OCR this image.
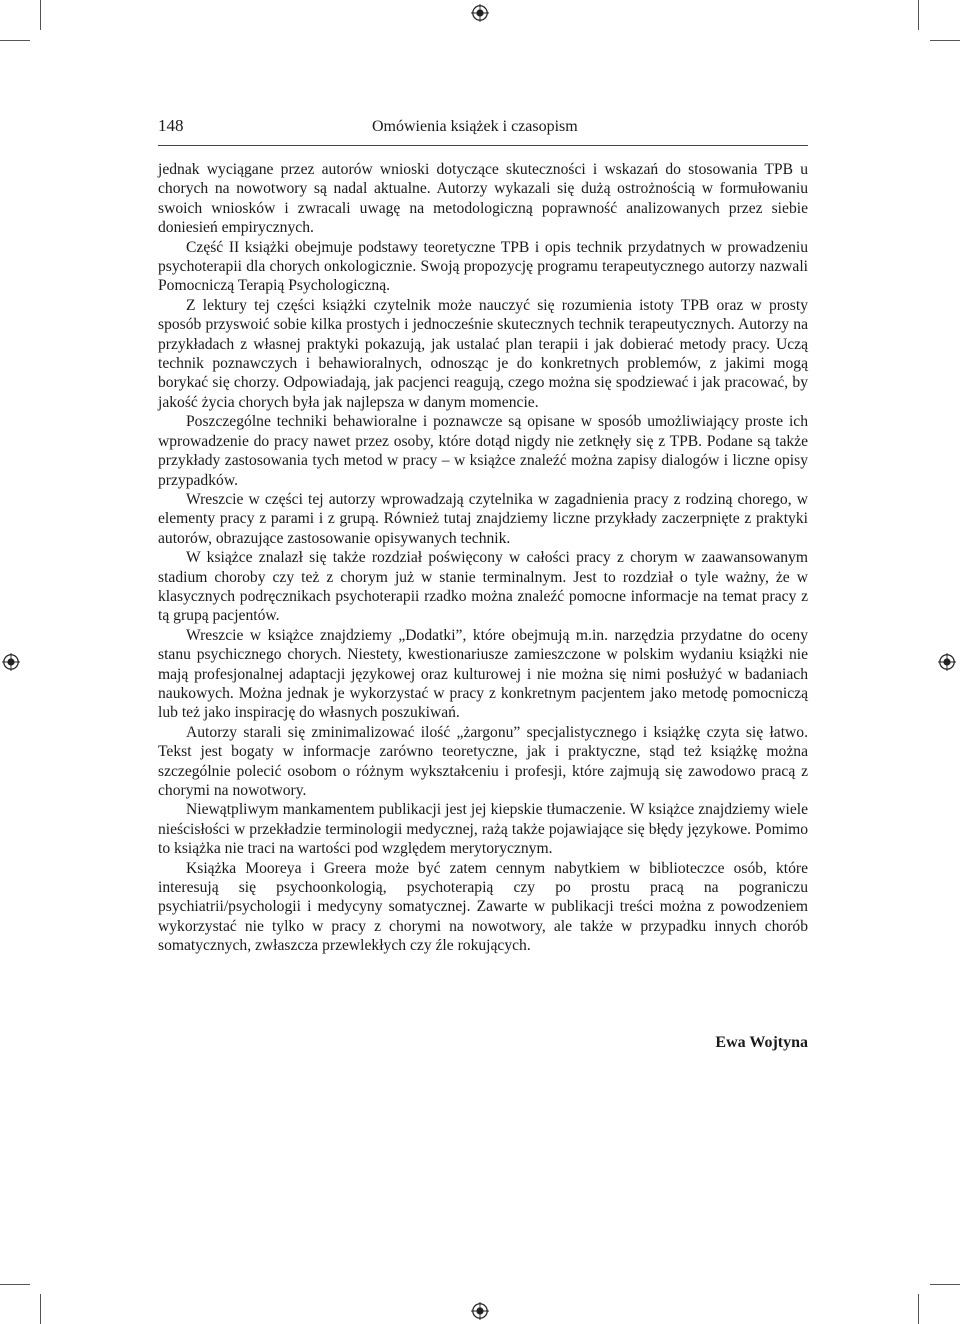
148	Omówienia książek i czasopism

jednak wyciągane przez autorów wnioski dotyczące skuteczności i wskazań do stosowania TPB u chorych na nowotwory są nadal aktualne. Autorzy wykazali się dużą ostrożnością w formułowaniu swoich wniosków i zwracali uwagę na metodologiczną poprawność analizowanych przez siebie doniesień empirycznych.

Część II książki obejmuje podstawy teoretyczne TPB i opis technik przydatnych w prowadzeniu psychoterapii dla chorych onkologicznie. Swoją propozycję programu terapeutycznego autorzy nazwali Pomocniczą Terapią Psychologiczną.

Z lektury tej części książki czytelnik może nauczyć się rozumienia istoty TPB oraz w prosty sposób przyswoić sobie kilka prostych i jednocześnie skutecznych technik terapeutycznych. Autorzy na przykładach z własnej praktyki pokazują, jak ustalać plan terapii i jak dobierać metody pracy. Uczą technik poznawczych i behawioralnych, odnosząc je do konkretnych problemów, z jakimi mogą borykać się chorzy. Odpowiadają, jak pacjenci reagują, czego można się spodziewać i jak pracować, by jakość życia chorych była jak najlepsza w danym momencie.

Poszczególne techniki behawioralne i poznawcze są opisane w sposób umożliwiający proste ich wprowadzenie do pracy nawet przez osoby, które dotąd nigdy nie zetknęły się z TPB. Podane są także przykłady zastosowania tych metod w pracy – w książce znaleźć można zapisy dialogów i liczne opisy przypadków.

Wreszcie w części tej autorzy wprowadzają czytelnika w zagadnienia pracy z rodziną chorego, w elementy pracy z parami i z grupą. Również tutaj znajdziemy liczne przykłady zaczerpnięte z praktyki autorów, obrazujące zastosowanie opisywanych technik.

W książce znalazł się także rozdział poświęcony w całości pracy z chorym w zaawansowanym stadium choroby czy też z chorym już w stanie terminalnym. Jest to rozdział o tyle ważny, że w klasycznych podręcznikach psychoterapii rzadko można znaleźć pomocne informacje na temat pracy z tą grupą pacjentów.

Wreszcie w książce znajdziemy „Dodatki”, które obejmują m.in. narzędzia przydatne do oceny stanu psychicznego chorych. Niestety, kwestionariusze zamieszczone w polskim wydaniu książki nie mają profesjonalnej adaptacji językowej oraz kulturowej i nie można się nimi posłużyć w badaniach naukowych. Można jednak je wykorzystać w pracy z konkretnym pacjentem jako metodę pomocniczą lub też jako inspirację do własnych poszukiwań.

Autorzy starali się zminimalizować ilość „żargonu” specjalistycznego i książkę czyta się łatwo. Tekst jest bogaty w informacje zarówno teoretyczne, jak i praktyczne, stąd też książkę można szczególnie polecić osobom o różnym wykształceniu i profesji, które zajmują się zawodowo pracą z chorymi na nowotwory.

Niewątpliwym mankamentem publikacji jest jej kiepskie tłumaczenie. W książce znajdziemy wiele nieścisłości w przekładzie terminologii medycznej, rażą także pojawiające się błędy językowe. Pomimo to książka nie traci na wartości pod względem merytorycznym.

Książka Mooreya i Greera może być zatem cennym nabytkiem w biblioteczce osób, które interesują się psychoonkologią, psychoterapią czy po prostu pracą na pograniczu psychiatrii/psychologii i medycyny somatycznej. Zawarte w publikacji treści można z powodzeniem wykorzystać nie tylko w pracy z chorymi na nowotwory, ale także w przypadku innych chorób somatycznych, zwłaszcza przewlekłych czy źle rokujących.

Ewa Wojtyna
